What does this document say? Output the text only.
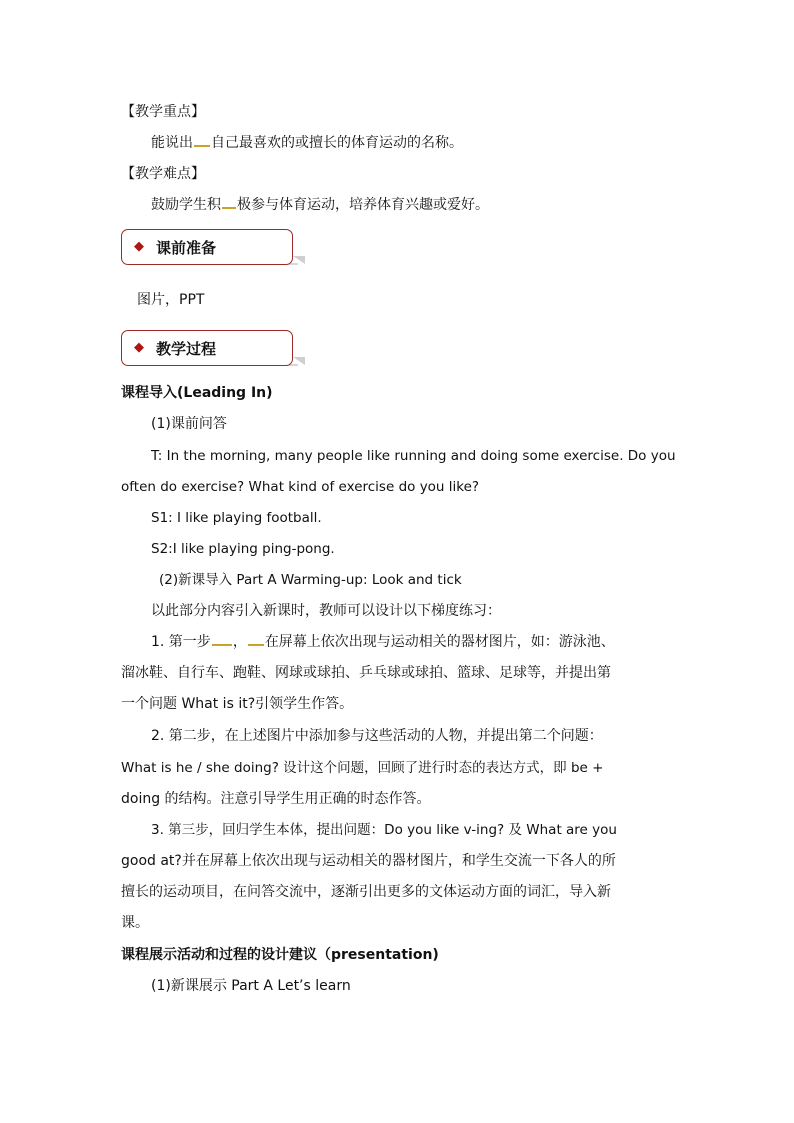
【教学重点】
能说出 自己最喜欢的或擅长的体育运动的名称。
【教学难点】
鼓励学生积 极参与体育运动，培养体育兴趣或爱好。
◆ 课前准备
图片，PPT
◆ 教学过程
课程导入(Leading In)
(1)课前问答
T: In the morning, many people like running and doing some exercise. Do you
often do exercise? What kind of exercise do you like?
S1: I like playing football.
S2:I like playing ping-pong.
(2)新课导入 Part A Warming-up: Look and tick
以此部分内容引入新课时，教师可以设计以下梯度练习：
1. 第一步 ， 在屏幕上依次出现与运动相关的器材图片，如：游泳池、
溜冰鞋、自行车、跑鞋、网球或球拍、乒乓球或球拍、篮球、足球等，并提出第
一个问题 What is it?引领学生作答。
2. 第二步，在上述图片中添加参与这些活动的人物，并提出第二个问题：
What is he / she doing? 设计这个问题，回顾了进行时态的表达方式，即 be +
doing 的结构。注意引导学生用正确的时态作答。
3. 第三步，回归学生本体，提出问题：Do you like v-ing? 及 What are you
good at?并在屏幕上依次出现与运动相关的器材图片，和学生交流一下各人的所
擅长的运动项目，在问答交流中，逐渐引出更多的文体运动方面的词汇，导入新
课。
课程展示活动和过程的设计建议（presentation)
(1)新课展示 Part A Let’s learn
